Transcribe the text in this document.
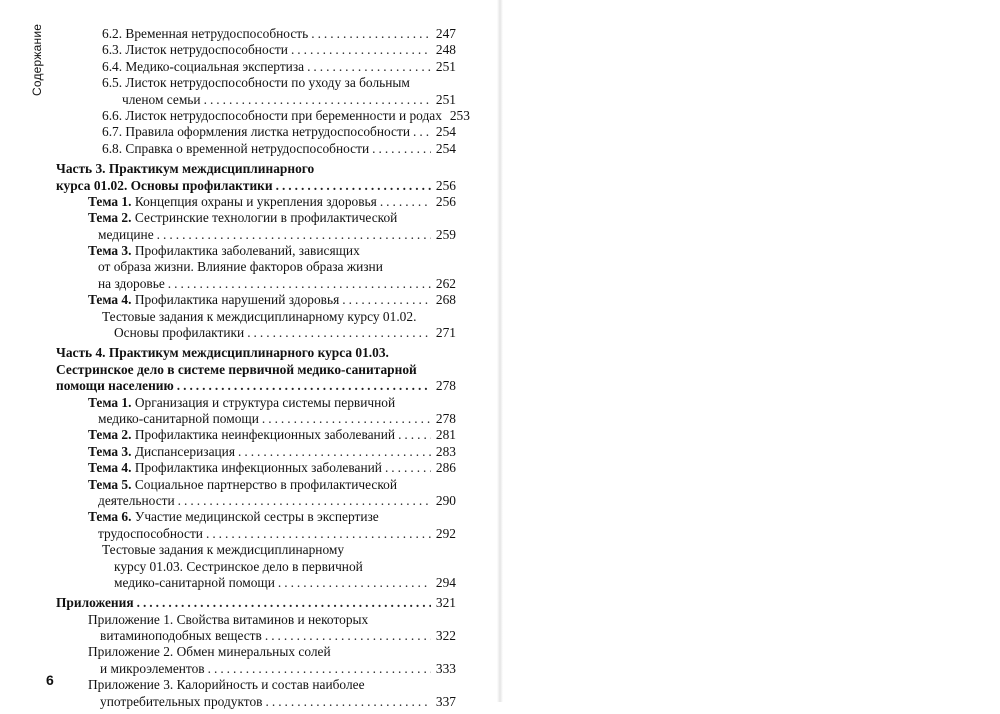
Содержание	6.2. Временная нетрудоспособность .....	247
6.3. Листок нетрудоспособности .....	248
6.4. Медико-социальная экспертиза .....	251
6.5. Листок нетрудоспособности по уходу за больным
членом семьи .....	251
6.6. Листок нетрудоспособности при беременности и родах 253
6.7. Правила оформления листка нетрудоспособности ..... 254
6.8. Справка о временной нетрудоспособности .....	254
Часть 3. Практикум междисциплинарного
курса 01.02. Основы профилактики .....	256
Тема 1. Концепция охраны и укрепления здоровья .....	256
Тема 2. Сестринские технологии в профилактической
медицине .....	259
Тема 3. Профилактика заболеваний, зависящих
от образа жизни. Влияние факторов образа жизни
на здоровье .....	262
Тема 4. Профилактика нарушений здоровья .....	268
Тестовые задания к междисциплинарному курсу 01.02.
Основы профилактики .....	271
Часть 4. Практикум междисциплинарного курса 01.03.
Сестринское дело в системе первичной медико-санитарной
помощи населению .....	278
Тема 1. Организация и структура системы первичной
медико-санитарной помощи .....	278
Тема 2. Профилактика неинфекционных заболеваний .....	281
Тема 3. Диспансеризация .....	283
Тема 4. Профилактика инфекционных заболеваний .....	286
Тема 5. Социальное партнерство в профилактической
деятельности .....	290
Тема 6. Участие медицинской сестры в экспертизе
трудоспособности .....	292
Тестовые задания к междисциплинарному
курсу 01.03. Сестринское дело в первичной
медико-санитарной помощи .....	294
Приложения .....	321
Приложение 1. Свойства витаминов и некоторых
витаминоподобных веществ .....	322
Приложение 2. Обмен минеральных солей
и микроэлементов .....	333
Приложение 3. Калорийность и состав наиболее
употребительных продуктов .....	337
6
